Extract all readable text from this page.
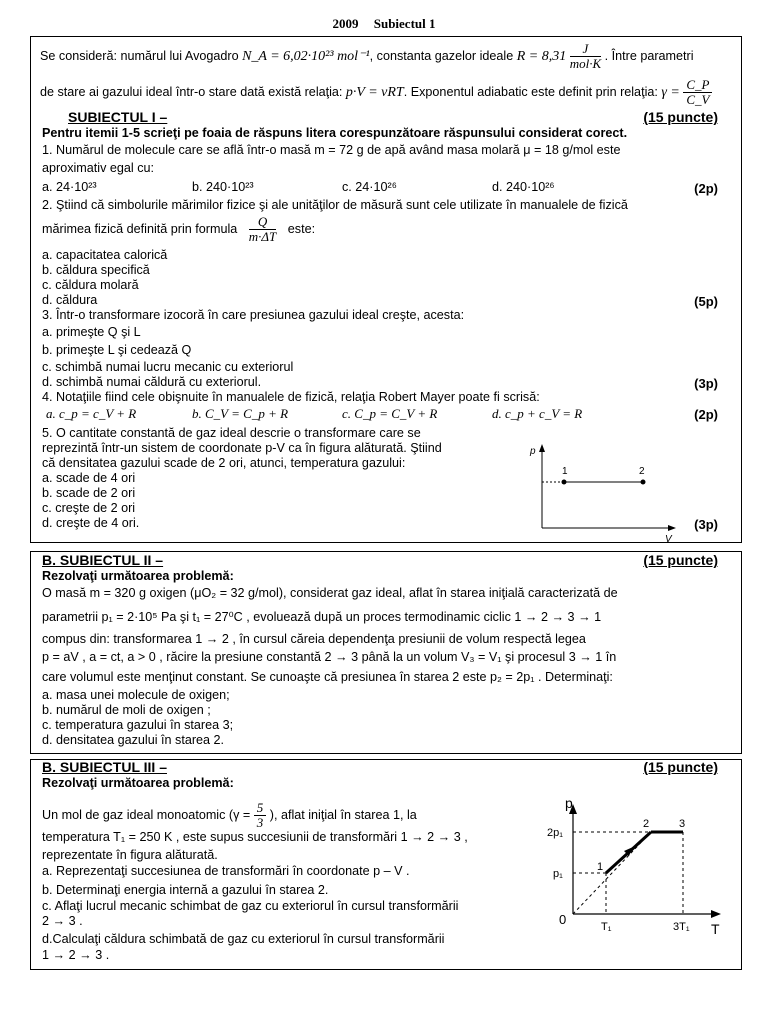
2009 Subiectul 1
Se consideră: numărul lui Avogadro N_A = 6,02·10²³ mol⁻¹, constanta gazelor ideale $R = 8,31 \frac{J}{\text{mol·K}}$ . Între parametri
de stare ai gazului ideal într-o stare dată există relaţia: p·V = νRT. Exponentul adiabatic este definit prin relaţia: $\gamma = \frac{C\_P}{C\_V}$
SUBIECTUL I –	(15 puncte)
Pentru itemii 1-5 scrieţi pe foaia de răspuns litera corespunzătoare răspunsului considerat corect.
1. Numărul de molecule care se află într-o masă m = 72 g de apă având masa molară μ = 18 g/mol este
aproximativ egal cu:
a. 24·10²³	b. 240·10²³	c. 24·10²⁶	d. 240·10²⁶	(2p)
2. Ştiind că simbolurile mărimilor fizice şi ale unităţilor de măsură sunt cele utilizate în manualele de fizică
mărimea fizică definită prin formula $\frac{Q}{m\cdot\Delta T}$ este:
a. capacitatea calorică
b. căldura specifică
c. căldura molară
d. căldura	(5p)
3. Într-o transformare izocoră în care presiunea gazului ideal creşte, acesta:
a. primeşte Q şi L
b. primeşte L şi cedează Q
c. schimbă numai lucru mecanic cu exteriorul
d. schimbă numai căldură cu exteriorul.	(3p)
4. Notaţiile fiind cele obişnuite în manualele de fizică, relaţia Robert Mayer poate fi scrisă:
a. c_p = c_V + R	b. C_V = C_p + R	c. C_p = C_V + R	d. c_p + c_V = R	(2p)
5. O cantitate constantă de gaz ideal descrie o transformare care se
reprezintă într-un sistem de coordonate p-V ca în figura alăturată. Ştiind
că densitatea gazului scade de 2 ori, atunci, temperatura gazului:
a. scade de 4 ori
b. scade de 2 ori
c. creşte de 2 ori
d. creşte de 4 ori.	(3p)
p
V
1	2
B. SUBIECTUL II –	(15 puncte)
Rezolvaţi următoarea problemă:
O masă m = 320 g oxigen (μO₂ = 32 g/mol), considerat gaz ideal, aflat în starea iniţială caracterizată de
parametrii p₁ = 2·10⁵ Pa şi t₁ = 27⁰C , evoluează după un proces termodinamic ciclic 1 → 2 → 3 → 1
compus din: transformarea 1 → 2 , în cursul căreia dependenţa presiunii de volum respectă legea
p = aV , a = ct, a > 0 , răcire la presiune constantă 2 → 3 până la un volum V₃ = V₁ şi procesul 3 → 1 în
care volumul este menţinut constant. Se cunoaşte că presiunea în starea 2 este p₂ = 2p₁ . Determinaţi:
a. masa unei molecule de oxigen;
b. numărul de moli de oxigen ;
c. temperatura gazului în starea 3;
d. densitatea gazului în starea 2.
B. SUBIECTUL III –	(15 puncte)
Rezolvaţi următoarea problemă:
Un mol de gaz ideal monoatomic ($\gamma = \frac{5}{3}$ ), aflat iniţial în starea 1, la
temperatura T₁ = 250 K , este supus succesiunii de transformări 1 → 2 → 3 ,
reprezentate în figura alăturată.
a. Reprezentaţi succesiunea de transformări în coordonate p – V .
b. Determinaţi energia internă a gazului în starea 2.
c. Aflaţi lucrul mecanic schimbat de gaz cu exteriorul în cursul transformării
2 → 3 .
d.Calculaţi căldura schimbată de gaz cu exteriorul în cursul transformării
1 → 2 → 3 .
p
T
0
2p₁
p₁
T₁	3T₁
1
2	3
